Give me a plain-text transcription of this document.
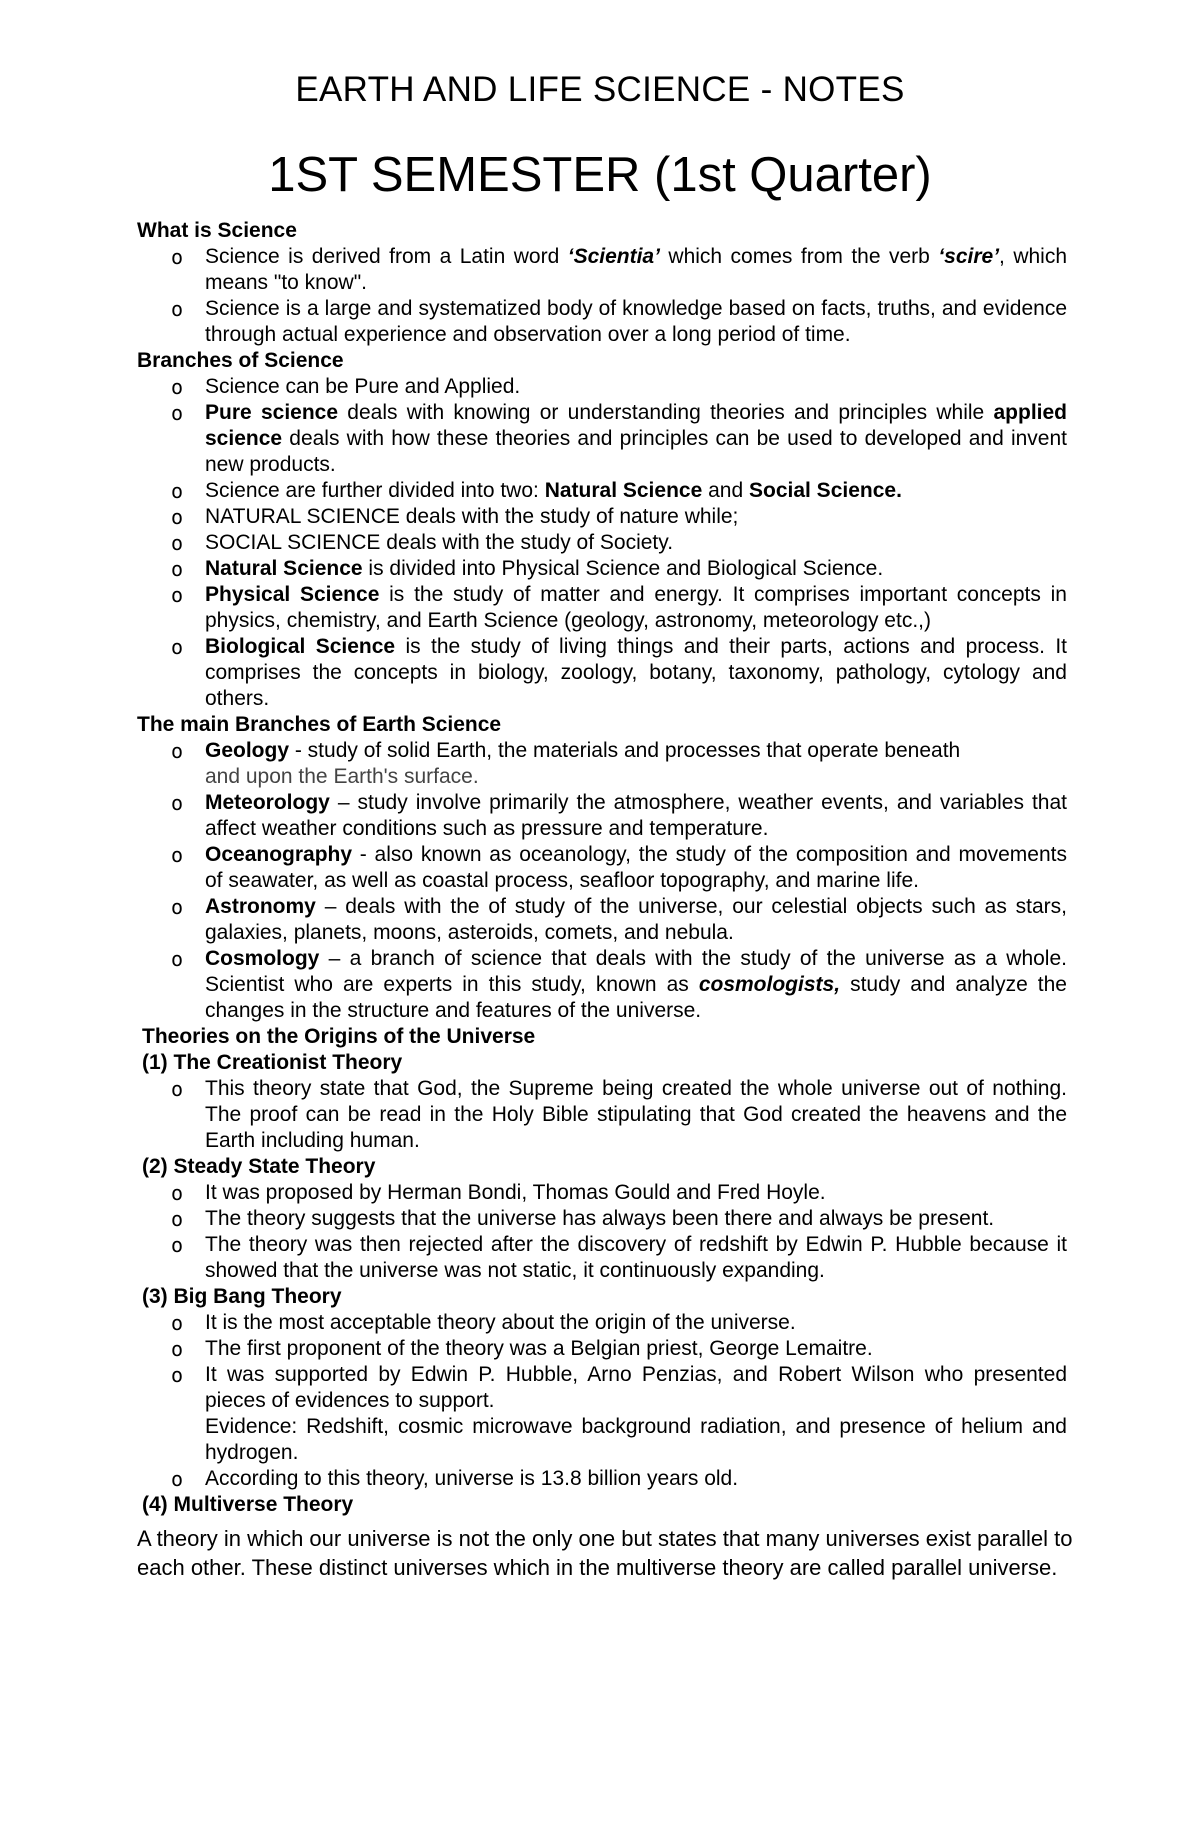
EARTH AND LIFE SCIENCE - NOTES
1ST SEMESTER (1st Quarter)
What is Science
o Science is derived from a Latin word ‘Scientia’ which comes from the verb ‘scire’, which means "to know".
o Science is a large and systematized body of knowledge based on facts, truths, and evidence through actual experience and observation over a long period of time.
Branches of Science
o Science can be Pure and Applied.
o Pure science deals with knowing or understanding theories and principles while applied science deals with how these theories and principles can be used to developed and invent new products.
o Science are further divided into two: Natural Science and Social Science.
o NATURAL SCIENCE deals with the study of nature while;
o SOCIAL SCIENCE deals with the study of Society.
o Natural Science is divided into Physical Science and Biological Science.
o Physical Science is the study of matter and energy. It comprises important concepts in physics, chemistry, and Earth Science (geology, astronomy, meteorology etc.,)
o Biological Science is the study of living things and their parts, actions and process. It comprises the concepts in biology, zoology, botany, taxonomy, pathology, cytology and others.
The main Branches of Earth Science
o Geology - study of solid Earth, the materials and processes that operate beneath
and upon the Earth's surface.
o Meteorology – study involve primarily the atmosphere, weather events, and variables that affect weather conditions such as pressure and temperature.
o Oceanography - also known as oceanology, the study of the composition and movements of seawater, as well as coastal process, seafloor topography, and marine life.
o Astronomy – deals with the of study of the universe, our celestial objects such as stars, galaxies, planets, moons, asteroids, comets, and nebula.
o Cosmology – a branch of science that deals with the study of the universe as a whole. Scientist who are experts in this study, known as cosmologists, study and analyze the changes in the structure and features of the universe.
Theories on the Origins of the Universe
(1) The Creationist Theory
o This theory state that God, the Supreme being created the whole universe out of nothing. The proof can be read in the Holy Bible stipulating that God created the heavens and the Earth including human.
(2) Steady State Theory
o It was proposed by Herman Bondi, Thomas Gould and Fred Hoyle.
o The theory suggests that the universe has always been there and always be present.
o The theory was then rejected after the discovery of redshift by Edwin P. Hubble because it showed that the universe was not static, it continuously expanding.
(3) Big Bang Theory
o It is the most acceptable theory about the origin of the universe.
o The first proponent of the theory was a Belgian priest, George Lemaitre.
o It was supported by Edwin P. Hubble, Arno Penzias, and Robert Wilson who presented pieces of evidences to support.
Evidence: Redshift, cosmic microwave background radiation, and presence of helium and hydrogen.
o According to this theory, universe is 13.8 billion years old.
(4) Multiverse Theory
A theory in which our universe is not the only one but states that many universes exist parallel to each other. These distinct universes which in the multiverse theory are called parallel universe.
